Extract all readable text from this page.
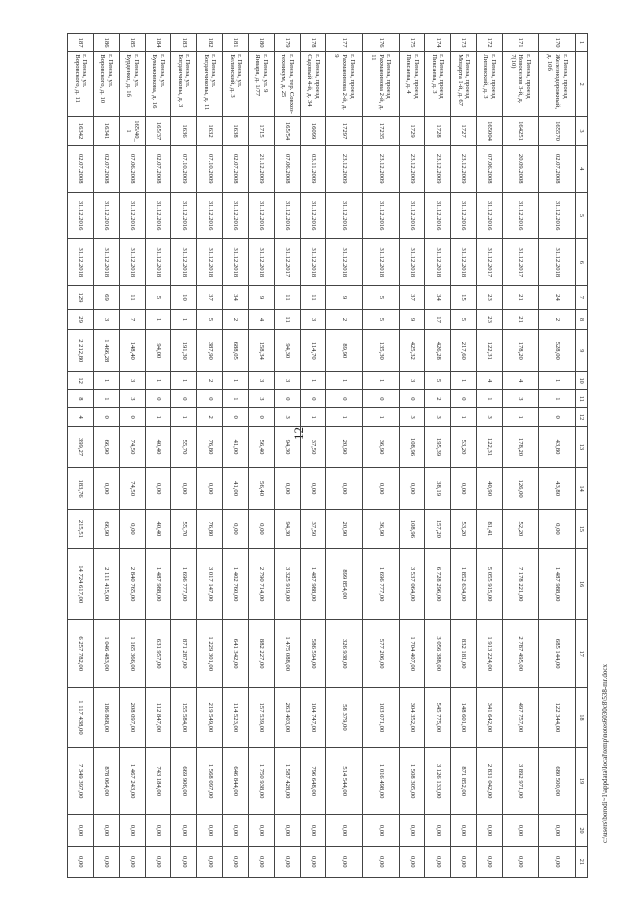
12
1	2	3	4	5	6	7	8	9	10	11	12	13	14	15	16	17	18	19	20	21
170	г. Пенза, проезд Железнодорожный, д. 10б	165570	02.07.2008	31.12.2016	31.12.2018	24	2	528,00	1	1	0	43,80	43,80	0,00	1 487 988,00	685 144,00	122 344,00	680 500,00	0,00	0,00
171	г. Пенза, проезд Новоселов 3-й, д. 7(10)	164251	20.09.2008	31.12.2016	31.12.2017	21	21	178,20	4	3	1	178,20	126,00	52,20	7 178 221,00	2 787 495,00	497 757,00	3 892 971,00	0,00	0,00
172	г. Пенза, проезд Липовский, д. 3	165004	07.06.2008	31.12.2016	31.12.2017	23	23	122,31	4	1	3	122,31	40,90	81,41	5 055 915,00	1 913 224,00	341 642,00	2 831 042,00	0,00	0,00
173	г. Пенза, проезд Моцарта 1-й, д. 67	1727	23.12.2009	31.12.2016	31.12.2018	15	5	217,60	1	0	1	53,20	0,00	53,20	1 852 634,00	832 181,00	148 601,00	871 852,00	0,00	0,00
174	г. Пенза, проезд Пиксаева, д. 3	1728	23.12.2009	31.12.2016	31.12.2018	34	17	426,28	5	2	3	195,39	38,19	157,20	6 728 296,00	3 056 388,00	545 775,00	3 126 133,00	0,00	0,00
175	г. Пенза, проезд Пиксаева, д. 4	1729	23.12.2009	31.12.2016	31.12.2018	37	9	425,32	3	0	3	108,96	0,00	108,96	3 537 064,00	1 704 407,00	304 352,00	1 508 305,00	0,00	0,00
176	г. Пенза, проезд Рахманинова 2-й, д. 11	17235	23.12.2009	31.12.2016	31.12.2018	5	5	135,30	1	0	1	36,90	0,00	36,90	1 696 777,00	577 206,00	103 071,00	1 016 498,00	0,00	0,00
177	г. Пенза, проезд Рахманинова 2-й, д. 9	17297	23.12.2009	31.12.2016	31.12.2018	9	2	89,90	1	0	1	20,90	0,00	20,90	899 854,00	326 938,00	58 379,00	514 544,00	0,00	0,00
178	г. Пенза, проезд Садовый 4-й, д. 34	16099	03.11.2009	31.12.2016	31.12.2018	11	3	114,70	1	0	1	37,50	0,00	37,50	1 487 988,00	586 594,00	104 747,00	796 648,00	0,00	0,00
179	г. Пенза, тер. Совхоз-техникум, д. 25	165/54	07.06.2008	31.12.2016	31.12.2017	11	11	94,30	3	0	3	94,30	0,00	94,30	3 325 919,00	1 475 088,00	263 403,00	1 587 428,00	0,00	0,00
180	г. Пенза, ул. 9 Января, д. 1/77	1715	21.12.2009	31.12.2016	31.12.2018	9	4	158,34	3	3	0	56,40	56,40	0,00	2 790 714,00	882 227,00	157 539,00	1 750 938,00	0,00	0,00
181	г. Пенза, ул. Белинский, д. 3	1638	02.07.2008	31.12.2016	31.12.2018	34	2	688,05	1	1	0	41,00	41,00	0,00	1 402 760,00	641 342,00	114 523,00	646 844,00	0,00	0,00
182	г. Пенза, ул. Богданчиковы, д. 11	1632	07.10.2009	31.12.2016	31.12.2018	37	5	387,90	2	0	2	76,80	0,00	76,80	3 017 147,00	1 229 301,00	219 549,00	1 568 097,00	0,00	0,00
183	г. Пенза, ул. Богданчиковы, д. 3	1636	07.10.2009	31.12.2016	31.12.2018	10	1	191,30	1	0	1	55,70	0,00	55,70	1 696 777,00	871 287,00	155 584,00	669 906,00	0,00	0,00
184	г. Пенза, ул. Бумажникова, д. 16	165/37	02.07.2008	31.12.2016	31.12.2018	5	1	94,00	1	0	1	40,40	0,00	40,40	1 487 988,00	631 957,00	112 847,00	743 184,00	0,00	0,00
185	г. Пенза, ул. Бурденко, д. 1б	165/40_1	07.06.2008	31.12.2016	31.12.2018	11	7	148,40	3	3	0	74,50	74,50	0,00	2 840 765,00	1 165 366,00	208 097,00	1 467 243,00	0,00	0,00
186	г. Пенза, ул. Воровского, д. 10	16341	02.07.2008	31.12.2016	31.12.2018	69	3	1 466,28	1	1	0	66,90	0,00	66,90	2 111 415,00	1 046 483,00	186 868,00	878 064,00	0,00	0,00
187	г. Пенза, ул. Воровского, д. 11	16342	02.07.2008	31.12.2016	31.12.2018	129	29	2 212,80	12	8	4	399,27	183,76	215,51	14 724 617,00	6 257 782,00	1 117 438,00	7 349 397,00	0,00	0,00
c:\users\borodi~1\appdata\local\temp\notes6030c8\538-mr.docx
